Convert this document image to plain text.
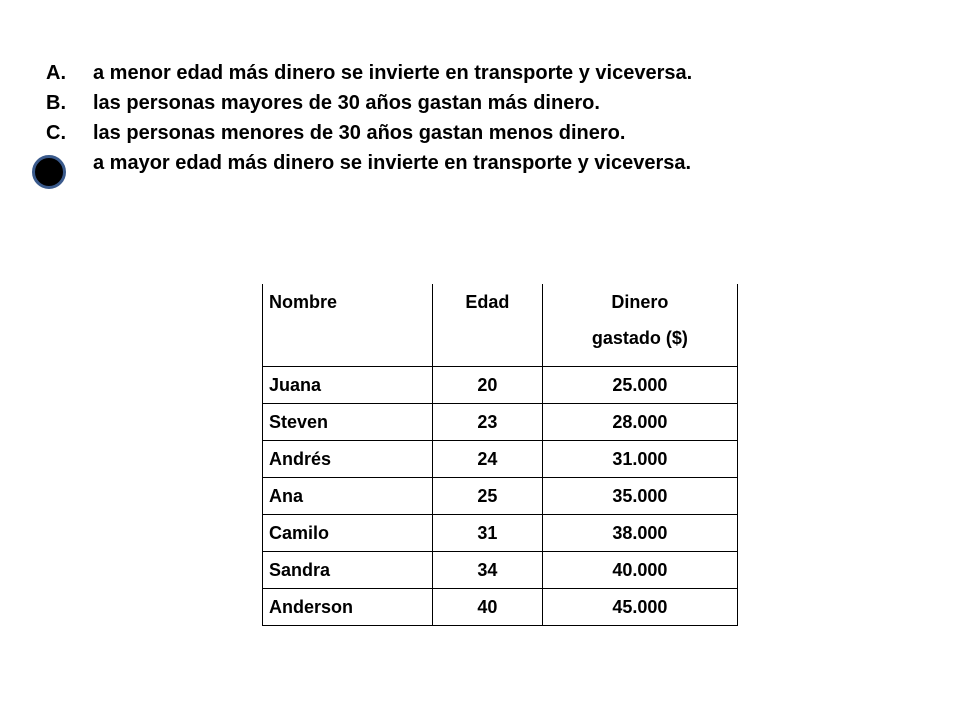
A.	a menor edad más dinero se invierte en transporte y viceversa.
B.	las personas mayores de 30 años gastan más dinero.
C.	las personas menores de 30 años gastan menos dinero.
a mayor edad más dinero se invierte en transporte y viceversa.
Nombre	Edad	Dinero
gastado ($)

Juana	20	25.000
Steven	23	28.000
Andrés	24	31.000
Ana	25	35.000
Camilo	31	38.000
Sandra	34	40.000
Anderson	40	45.000
